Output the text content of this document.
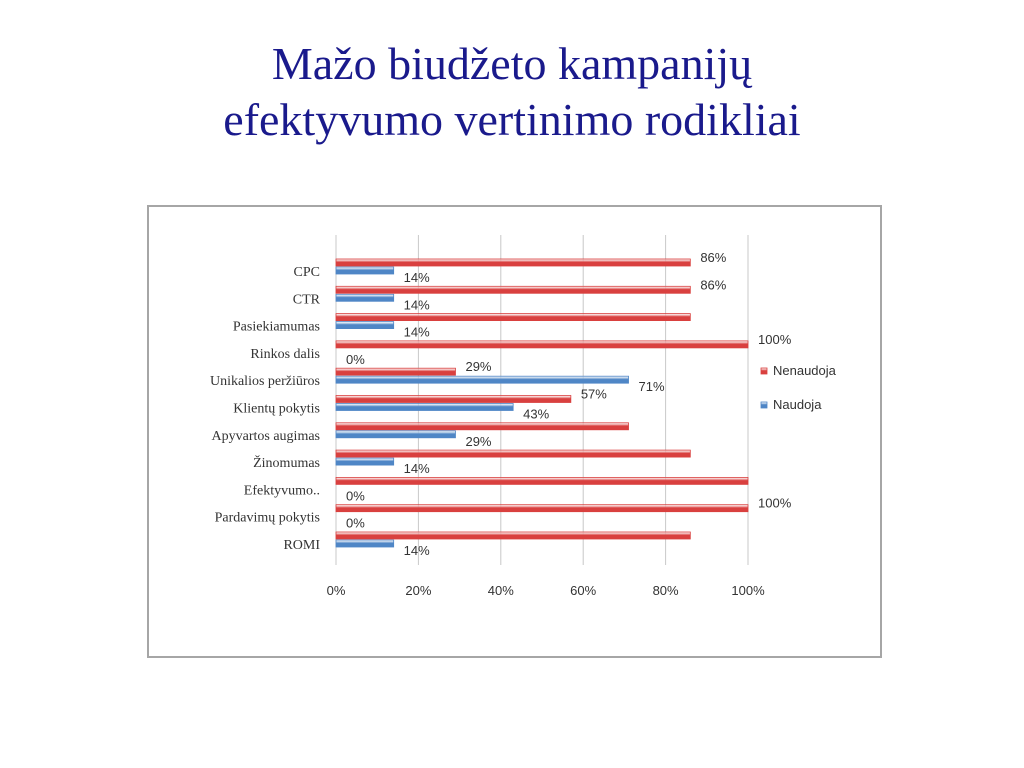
Mažo biudžeto kampanijų
efektyvumo vertinimo rodikliai
0%	20%	40%	60%	80%	100%
CPC
86%
14%
CTR
86%
14%
Pasiekiamumas	14%
Rinkos dalis
100%
0%
Unikalios peržiūros
29%
71%
Klientų pokytis
57%
43%
Apyvartos augimas	29%
Žinomumas	14%
Efektyvumo.. 0%
Pardavimų pokytis
100%
0%
ROMI	14%
Nenaudoja
Naudoja
